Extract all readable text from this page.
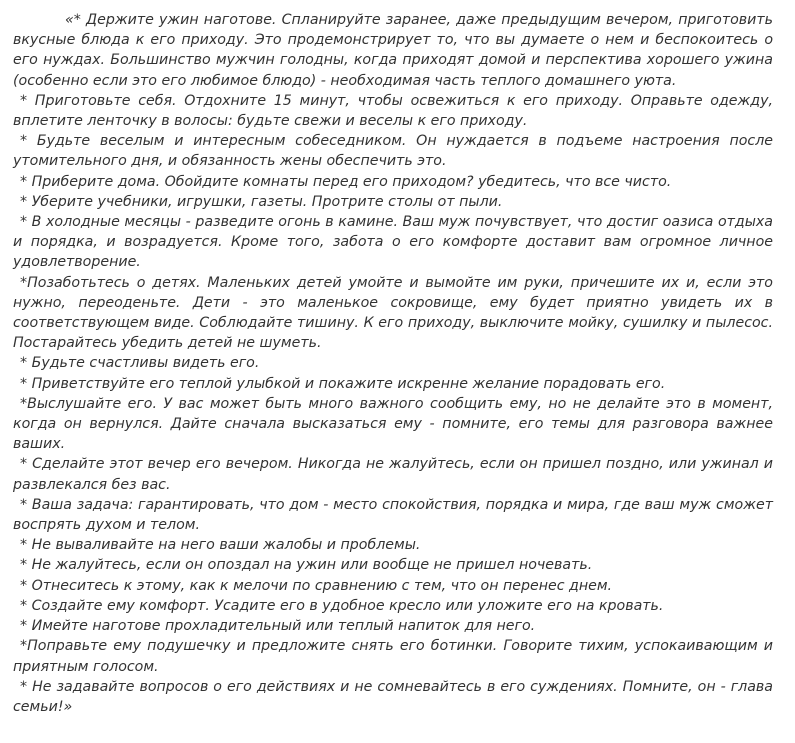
«* Держите ужин наготове. Спланируйте заранее, даже предыдущим вечером, приготовить вкусные блюда к его приходу. Это продемонстрирует то, что вы думаете о нем и беспокоитесь о его нуждах. Большинство мужчин голодны, когда приходят домой и перспектива хорошего ужина (особенно если это его любимое блюдо) - необходимая часть теплого домашнего уюта.

* Приготовьте себя. Отдохните 15 минут, чтобы освежиться к его приходу. Оправьте одежду, вплетите ленточку в волосы: будьте свежи и веселы к его приходу.

* Будьте веселым и интересным собеседником. Он нуждается в подъеме настроения после утомительного дня, и обязанность жены обеспечить это.

* Приберите дома. Обойдите комнаты перед его приходом? убедитесь, что все чисто.

* Уберите учебники, игрушки, газеты. Протрите столы от пыли.

* В холодные месяцы - разведите огонь в камине. Ваш муж почувствует, что достиг оазиса отдыха и порядка, и возрадуется. Кроме того, забота о его комфорте доставит вам огромное личное удовлетворение.

*Позаботьтесь о детях. Маленьких детей умойте и вымойте им руки, причешите их и, если это нужно, переоденьте. Дети - это маленькое сокровище, ему будет приятно увидеть их в соответствующем виде. Соблюдайте тишину. К его приходу, выключите мойку, сушилку и пылесос. Постарайтесь убедить детей не шуметь.

* Будьте счастливы видеть его.

* Приветствуйте его теплой улыбкой и покажите искренне желание порадовать его.

*Выслушайте его. У вас может быть много важного сообщить ему, но не делайте это в момент, когда он вернулся. Дайте сначала высказаться ему - помните, его темы для разговора важнее ваших.

* Сделайте этот вечер его вечером. Никогда не жалуйтесь, если он пришел поздно, или ужинал и развлекался без вас.

* Ваша задача: гарантировать, что дом - место спокойствия, порядка и мира, где ваш муж сможет воспрять духом и телом.

* Не вываливайте на него ваши жалобы и проблемы.

* Не жалуйтесь, если он опоздал на ужин или вообще не пришел ночевать.

* Отнеситесь к этому, как к мелочи по сравнению с тем, что он перенес днем.

* Создайте ему комфорт. Усадите его в удобное кресло или уложите его на кровать.

* Имейте наготове прохладительный или теплый напиток для него.

*Поправьте ему подушечку и предложите снять его ботинки. Говорите тихим, успокаивающим и приятным голосом.

* Не задавайте вопросов о его действиях и не сомневайтесь в его суждениях. Помните, он - глава семьи!»
